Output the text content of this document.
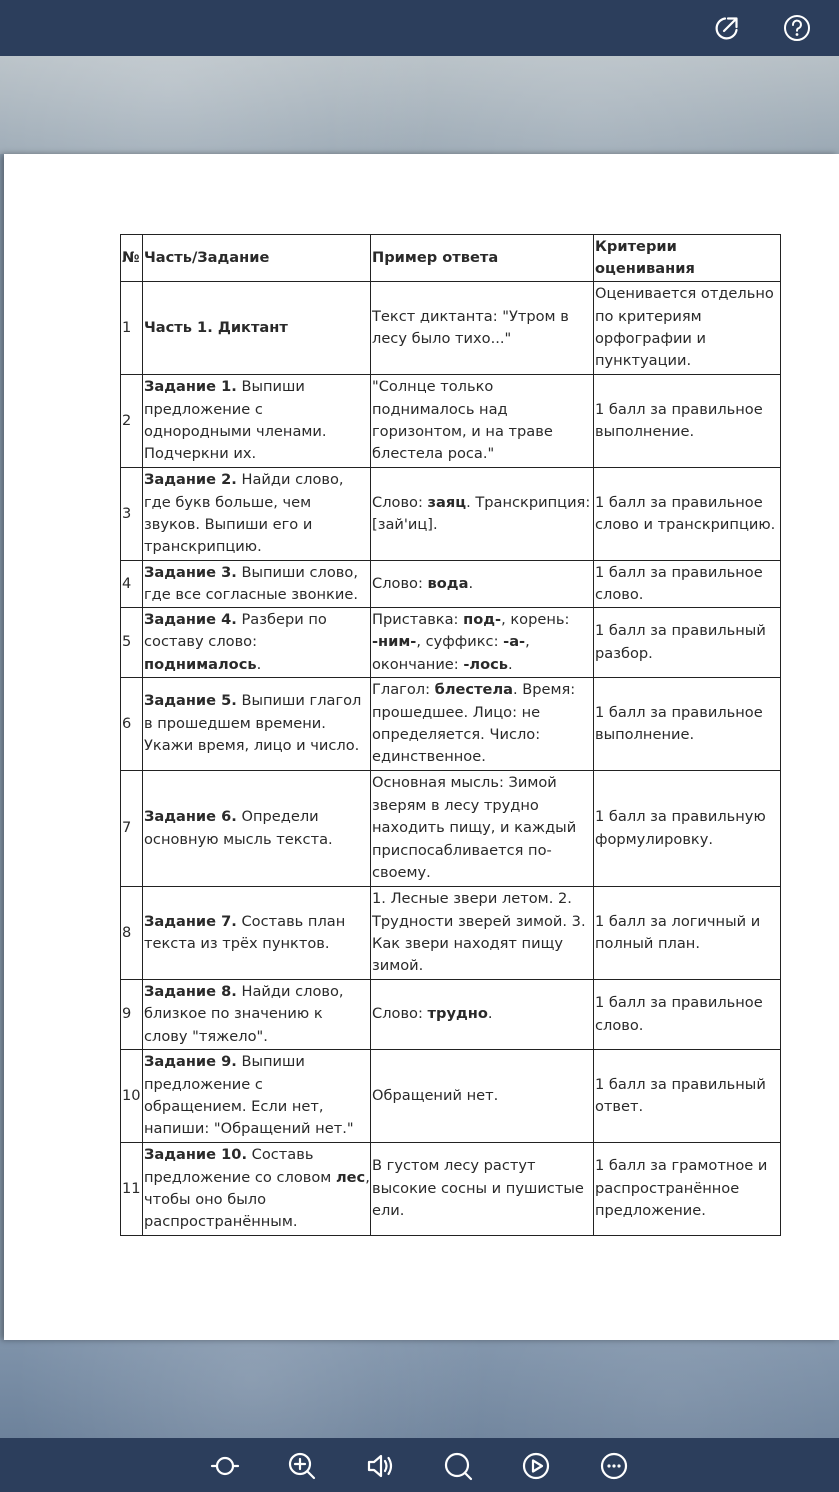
№	Часть/Задание	Пример ответа	Критерии оценивания
1	Часть 1. Диктант	Текст диктанта: "Утром в лесу было тихо..."	Оценивается отдельно по критериям орфографии и пунктуации.
2	Задание 1. Выпиши предложение с однородными членами. Подчеркни их.	"Солнце только поднималось над горизонтом, и на траве блестела роса."	1 балл за правильное выполнение.
3	Задание 2. Найди слово, где букв больше, чем звуков. Выпиши его и транскрипцию.	Слово: заяц. Транскрипция: [зай'иц].	1 балл за правильное слово и транскрипцию.
4	Задание 3. Выпиши слово, где все согласные звонкие.	Слово: вода.	1 балл за правильное слово.
5	Задание 4. Разбери по составу слово: поднималось.	Приставка: под-, корень: -ним-, суффикс: -а-, окончание: -лось.	1 балл за правильный разбор.
6	Задание 5. Выпиши глагол в прошедшем времени. Укажи время, лицо и число.	Глагол: блестела. Время: прошедшее. Лицо: не определяется. Число: единственное.	1 балл за правильное выполнение.
7	Задание 6. Определи основную мысль текста.	Основная мысль: Зимой зверям в лесу трудно находить пищу, и каждый приспосабливается по-своему.	1 балл за правильную формулировку.
8	Задание 7. Составь план текста из трёх пунктов.	1. Лесные звери летом. 2. Трудности зверей зимой. 3. Как звери находят пищу зимой.	1 балл за логичный и полный план.
9	Задание 8. Найди слово, близкое по значению к слову "тяжело".	Слово: трудно.	1 балл за правильное слово.
10	Задание 9. Выпиши предложение с обращением. Если нет, напиши: "Обращений нет."	Обращений нет.	1 балл за правильный ответ.
11	Задание 10. Составь предложение со словом лес, чтобы оно было распространённым.	В густом лесу растут высокие сосны и пушистые ели.	1 балл за грамотное и распространённое предложение.
